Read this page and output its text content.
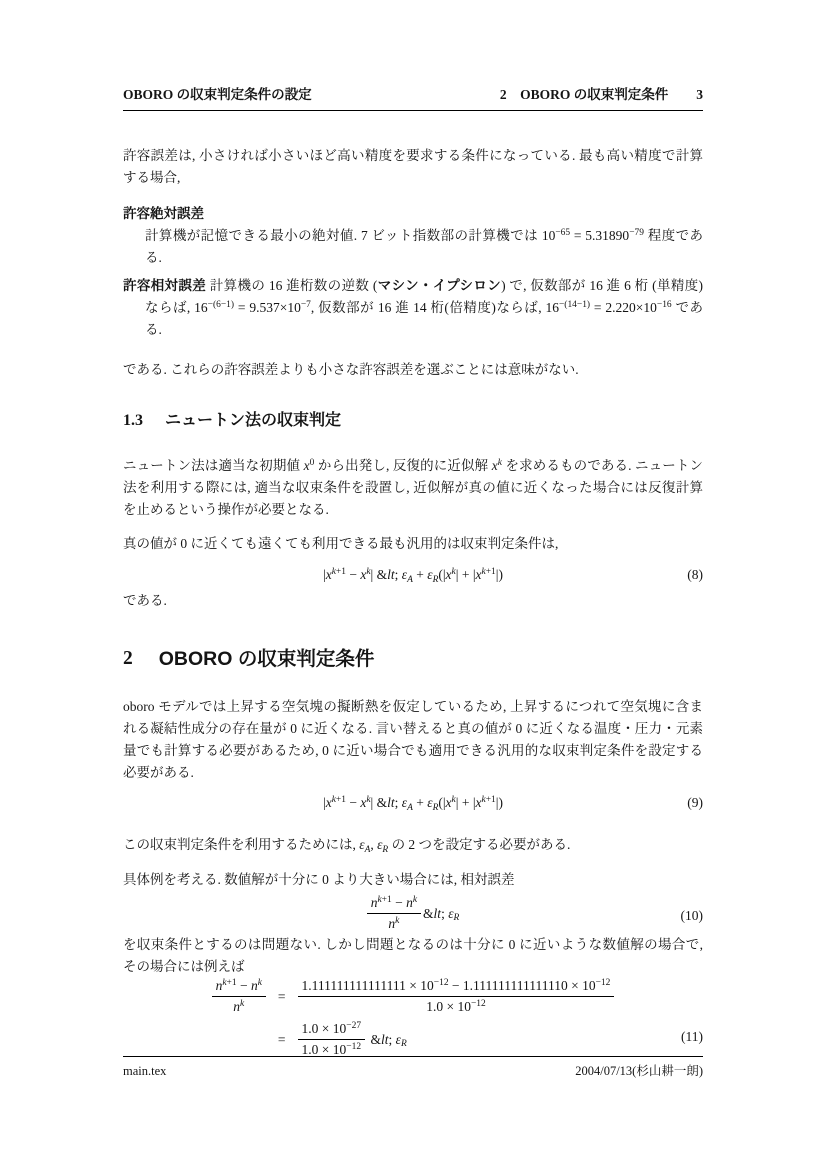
OBORO の収束判定条件の設定	2　OBORO の収束判定条件 3

許容誤差は, 小さければ小さいほど高い精度を要求する条件になっている. 最も高い精度で計算する場合,

許容絶対誤差
計算機が記憶できる最小の絶対値. 7 ビット指数部の計算機では $10^{-65} = 5.31890^{-79}$ 程度である.
許容相対誤差 計算機の 16 進桁数の逆数 (マシン・イプシロン) で, 仮数部が 16 進 6 桁 (単精度) ならば, $16^{-(6-1)} = 9.537\times 10^{-7}$, 仮数部が 16 進 14 桁(倍精度)ならば, $16^{-(14-1)} = 2.220\times 10^{-16}$ である.

である. これらの許容誤差よりも小さな許容誤差を選ぶことには意味がない.

1.3 ニュートン法の収束判定

ニュートン法は適当な初期値 $x^0$ から出発し, 反復的に近似解 $x^k$ を求めるものである. ニュートン法を利用する際には, 適当な収束条件を設置し, 近似解が真の値に近くなった場合には反復計算を止めるという操作が必要となる.

真の値が 0 に近くても遠くても利用できる最も汎用的は収束判定条件は,

$|x^{k+1} - x^k|$ &lt; $\varepsilon_A + \varepsilon_R(|x^k| + |x^{k+1}|)$	(8)

である.

2 OBORO の収束判定条件

oboro モデルでは上昇する空気塊の擬断熱を仮定しているため, 上昇するにつれて空気塊に含まれる凝結性成分の存在量が 0 に近くなる. 言い替えると真の値が 0 に近くなる温度・圧力・元素量でも計算する必要があるため, 0 に近い場合でも適用できる汎用的な収束判定条件を設定する必要がある.

$|x^{k+1} - x^k|$ &lt; $\varepsilon_A + \varepsilon_R(|x^k| + |x^{k+1}|)$	(9)

この収束判定条件を利用するためには, $\varepsilon_A$, $\varepsilon_R$ の 2 つを設定する必要がある.

具体例を考える. 数値解が十分に 0 より大きい場合には, 相対誤差

$\frac{n^{k+1} - n^k}{n^k}$ &lt; $\varepsilon_R$	(10)

を収束条件とするのは問題ない. しかし問題となるのは十分に 0 に近いような数値解の場合で, その場合には例えば

$\frac{n^{k+1} - n^k}{n^k} = \frac{1.111111111111111 \times 10^{-12} - 1.111111111111110 \times 10^{-12}}{1.0 \times 10^{-12}}$
= $\frac{1.0 \times 10^{-27}}{1.0 \times 10^{-12}}$ &lt; $\varepsilon_R$
(11)
main.tex	2004/07/13(杉山耕一朗)
